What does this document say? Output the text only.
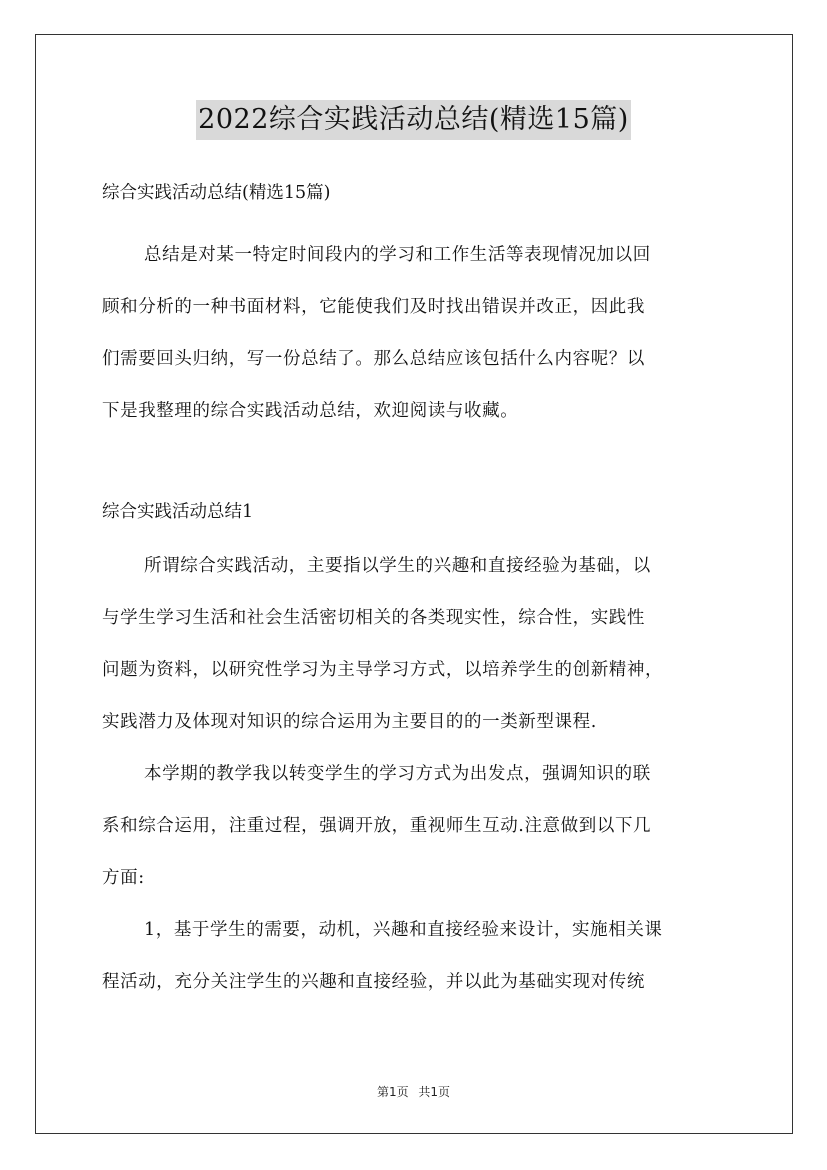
2022综合实践活动总结(精选15篇)
综合实践活动总结(精选15篇)
总结是对某一特定时间段内的学习和工作生活等表现情况加以回
顾和分析的一种书面材料，它能使我们及时找出错误并改正，因此我
们需要回头归纳，写一份总结了。那么总结应该包括什么内容呢？以
下是我整理的综合实践活动总结，欢迎阅读与收藏。
综合实践活动总结1
所谓综合实践活动，主要指以学生的兴趣和直接经验为基础，以
与学生学习生活和社会生活密切相关的各类现实性，综合性，实践性
问题为资料，以研究性学习为主导学习方式，以培养学生的创新精神，
实践潜力及体现对知识的综合运用为主要目的的一类新型课程.
本学期的教学我以转变学生的学习方式为出发点，强调知识的联
系和综合运用，注重过程，强调开放，重视师生互动.注意做到以下几
方面:
1，基于学生的需要，动机，兴趣和直接经验来设计，实施相关课
程活动，充分关注学生的兴趣和直接经验，并以此为基础实现对传统
第1页 共1页
